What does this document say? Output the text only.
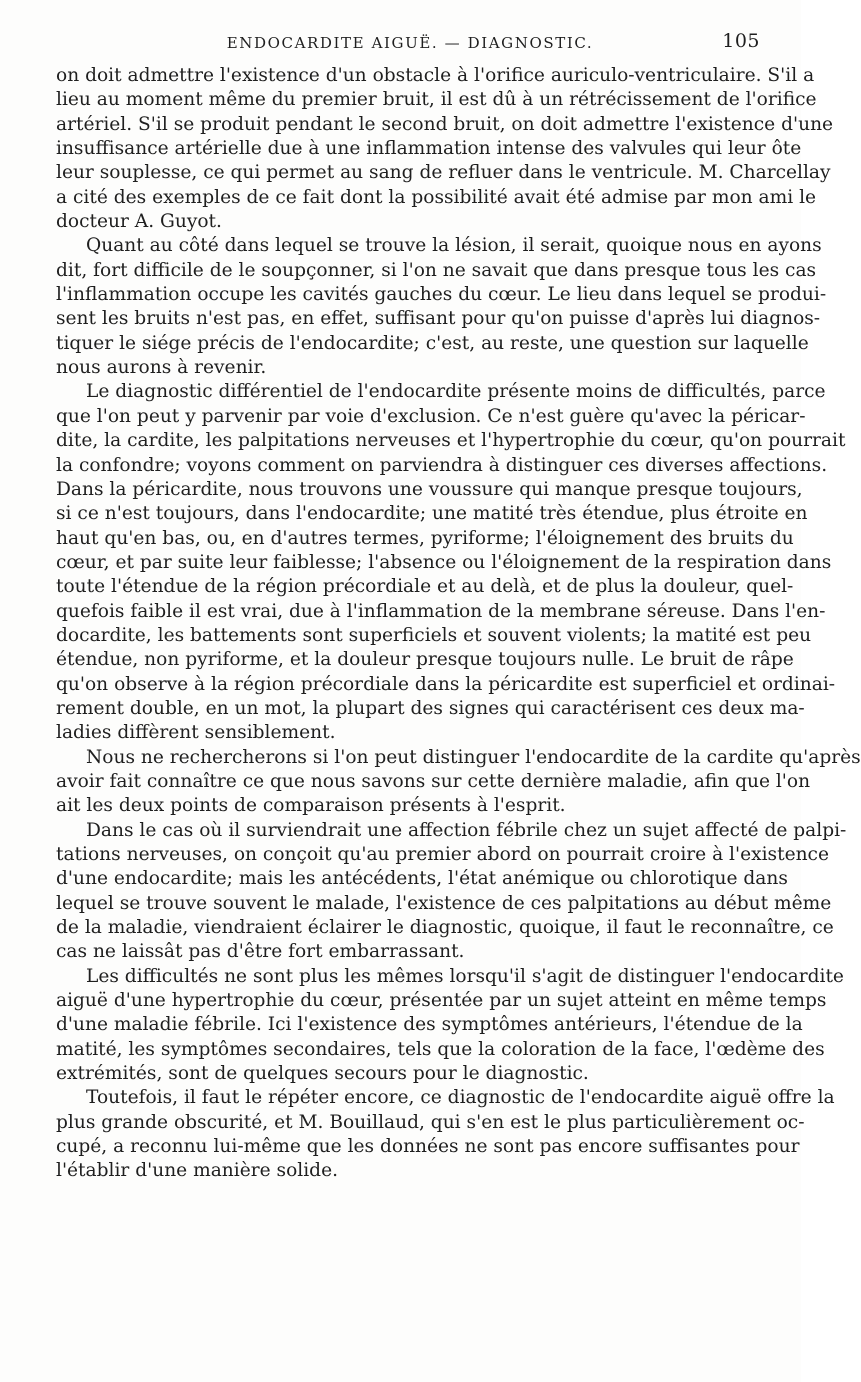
ENDOCARDITE AIGUË. — DIAGNOSTIC.	105
on doit admettre l'existence d'un obstacle à l'orifice auriculo-ventriculaire. S'il a
lieu au moment même du premier bruit, il est dû à un rétrécissement de l'orifice
artériel. S'il se produit pendant le second bruit, on doit admettre l'existence d'une
insuffisance artérielle due à une inflammation intense des valvules qui leur ôte
leur souplesse, ce qui permet au sang de refluer dans le ventricule. M. Charcellay
a cité des exemples de ce fait dont la possibilité avait été admise par mon ami le
docteur A. Guyot.
Quant au côté dans lequel se trouve la lésion, il serait, quoique nous en ayons
dit, fort difficile de le soupçonner, si l'on ne savait que dans presque tous les cas
l'inflammation occupe les cavités gauches du cœur. Le lieu dans lequel se produi-
sent les bruits n'est pas, en effet, suffisant pour qu'on puisse d'après lui diagnos-
tiquer le siége précis de l'endocardite; c'est, au reste, une question sur laquelle
nous aurons à revenir.
Le diagnostic différentiel de l'endocardite présente moins de difficultés, parce
que l'on peut y parvenir par voie d'exclusion. Ce n'est guère qu'avec la péricar-
dite, la cardite, les palpitations nerveuses et l'hypertrophie du cœur, qu'on pourrait
la confondre; voyons comment on parviendra à distinguer ces diverses affections.
Dans la péricardite, nous trouvons une voussure qui manque presque toujours,
si ce n'est toujours, dans l'endocardite; une matité très étendue, plus étroite en
haut qu'en bas, ou, en d'autres termes, pyriforme; l'éloignement des bruits du
cœur, et par suite leur faiblesse; l'absence ou l'éloignement de la respiration dans
toute l'étendue de la région précordiale et au delà, et de plus la douleur, quel-
quefois faible il est vrai, due à l'inflammation de la membrane séreuse. Dans l'en-
docardite, les battements sont superficiels et souvent violents; la matité est peu
étendue, non pyriforme, et la douleur presque toujours nulle. Le bruit de râpe
qu'on observe à la région précordiale dans la péricardite est superficiel et ordinai-
rement double, en un mot, la plupart des signes qui caractérisent ces deux ma-
ladies diffèrent sensiblement.
Nous ne rechercherons si l'on peut distinguer l'endocardite de la cardite qu'après
avoir fait connaître ce que nous savons sur cette dernière maladie, afin que l'on
ait les deux points de comparaison présents à l'esprit.
Dans le cas où il surviendrait une affection fébrile chez un sujet affecté de palpi-
tations nerveuses, on conçoit qu'au premier abord on pourrait croire à l'existence
d'une endocardite; mais les antécédents, l'état anémique ou chlorotique dans
lequel se trouve souvent le malade, l'existence de ces palpitations au début même
de la maladie, viendraient éclairer le diagnostic, quoique, il faut le reconnaître, ce
cas ne laissât pas d'être fort embarrassant.
Les difficultés ne sont plus les mêmes lorsqu'il s'agit de distinguer l'endocardite
aiguë d'une hypertrophie du cœur, présentée par un sujet atteint en même temps
d'une maladie fébrile. Ici l'existence des symptômes antérieurs, l'étendue de la
matité, les symptômes secondaires, tels que la coloration de la face, l'œdème des
extrémités, sont de quelques secours pour le diagnostic.
Toutefois, il faut le répéter encore, ce diagnostic de l'endocardite aiguë offre la
plus grande obscurité, et M. Bouillaud, qui s'en est le plus particulièrement oc-
cupé, a reconnu lui-même que les données ne sont pas encore suffisantes pour
l'établir d'une manière solide.
